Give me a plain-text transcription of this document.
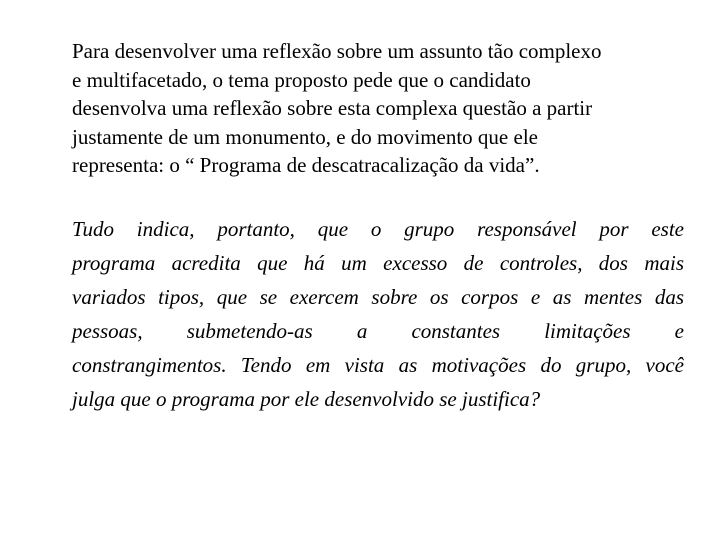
Para desenvolver uma reflexão sobre um assunto tão complexo
e multifacetado, o tema proposto pede que o candidato
desenvolva uma reflexão sobre esta complexa questão a partir
justamente de um monumento, e do movimento que ele
representa: o “ Programa de descatracalização da vida”.

Tudo indica, portanto, que o grupo responsável por este
programa acredita que há um excesso de controles, dos mais
variados tipos, que se exercem sobre os corpos e as mentes das
pessoas, submetendo-as a constantes limitações e
constrangimentos. Tendo em vista as motivações do grupo, você
julga que o programa por ele desenvolvido se justifica?
